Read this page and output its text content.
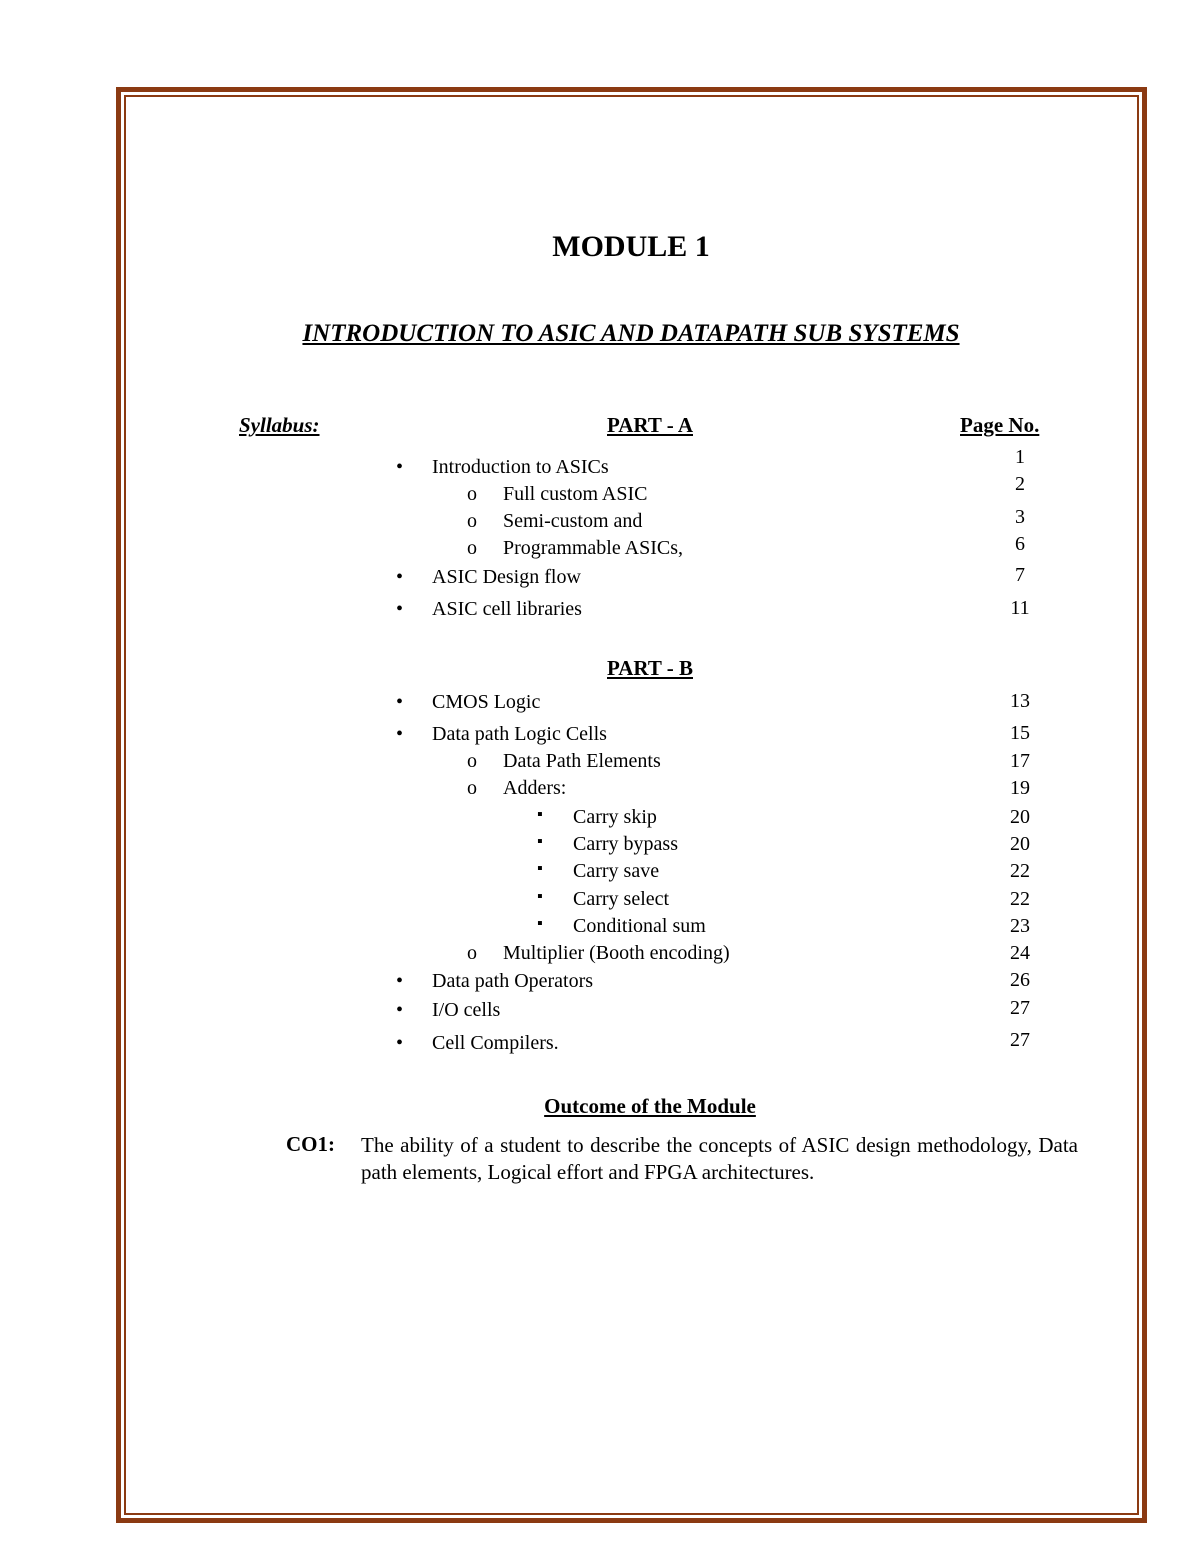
MODULE 1
INTRODUCTION TO ASIC AND DATAPATH SUB SYSTEMS
Syllabus:	PART - A	Page No.
• Introduction to ASICs	1
o Full custom ASIC	2
o Semi-custom and	3
o Programmable ASICs,	6
• ASIC Design flow	7
• ASIC cell libraries	11
PART - B
• CMOS Logic	13
• Data path Logic Cells	15
o Data Path Elements	17
o Adders:	19
▪ Carry skip	20
▪ Carry bypass	20
▪ Carry save	22
▪ Carry select	22
▪ Conditional sum	23
o Multiplier (Booth encoding)	24
• Data path Operators	26
• I/O cells	27
• Cell Compilers.	27
Outcome of the Module
CO1: The ability of a student to describe the concepts of ASIC design methodology, Data path elements, Logical effort and FPGA architectures.
